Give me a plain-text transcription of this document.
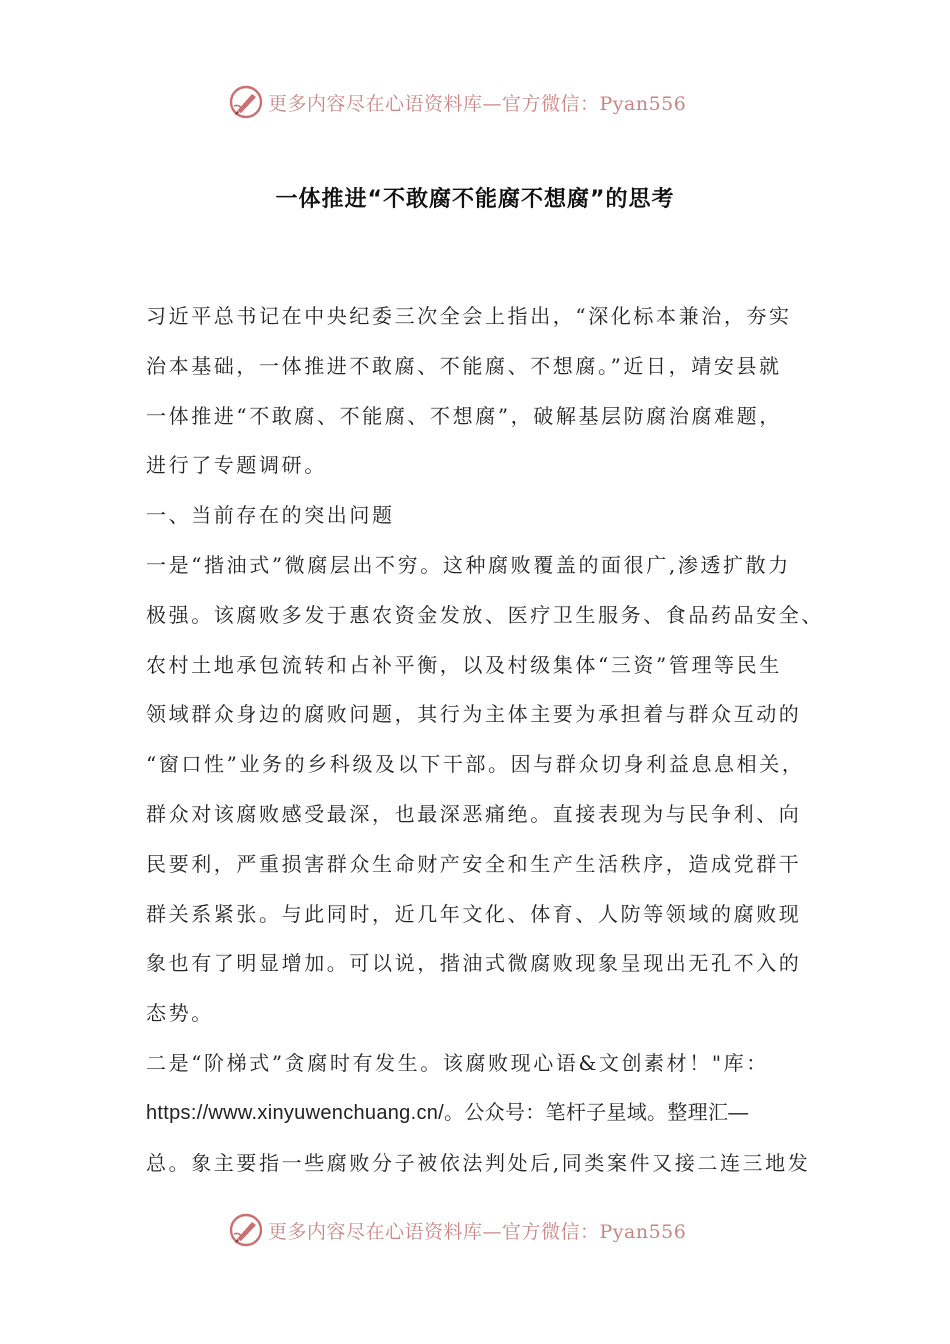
更多内容尽在心语资料库—官方微信：Pyan556
一体推进“不敢腐不能腐不想腐”的思考
习近平总书记在中央纪委三次全会上指出，“深化标本兼治，夯实
治本基础，一体推进不敢腐、不能腐、不想腐。”近日，靖安县就
一体推进“不敢腐、不能腐、不想腐”，破解基层防腐治腐难题，
进行了专题调研。
一、当前存在的突出问题
一是“揩油式”微腐层出不穷。这种腐败覆盖的面很广,渗透扩散力
极强。该腐败多发于惠农资金发放、医疗卫生服务、食品药品安全、
农村土地承包流转和占补平衡，以及村级集体“三资”管理等民生
领域群众身边的腐败问题，其行为主体主要为承担着与群众互动的
“窗口性”业务的乡科级及以下干部。因与群众切身利益息息相关，
群众对该腐败感受最深，也最深恶痛绝。直接表现为与民争利、向
民要利，严重损害群众生命财产安全和生产生活秩序，造成党群干
群关系紧张。与此同时，近几年文化、体育、人防等领域的腐败现
象也有了明显增加。可以说，揩油式微腐败现象呈现出无孔不入的
态势。
二是“阶梯式”贪腐时有发生。该腐败现心语&文创素材！"库：
https://www.xinyuwenchuang.cn/。公众号：笔杆子星域。整理汇—
总。象主要指一些腐败分子被依法判处后,同类案件又接二连三地发
更多内容尽在心语资料库—官方微信：Pyan556
